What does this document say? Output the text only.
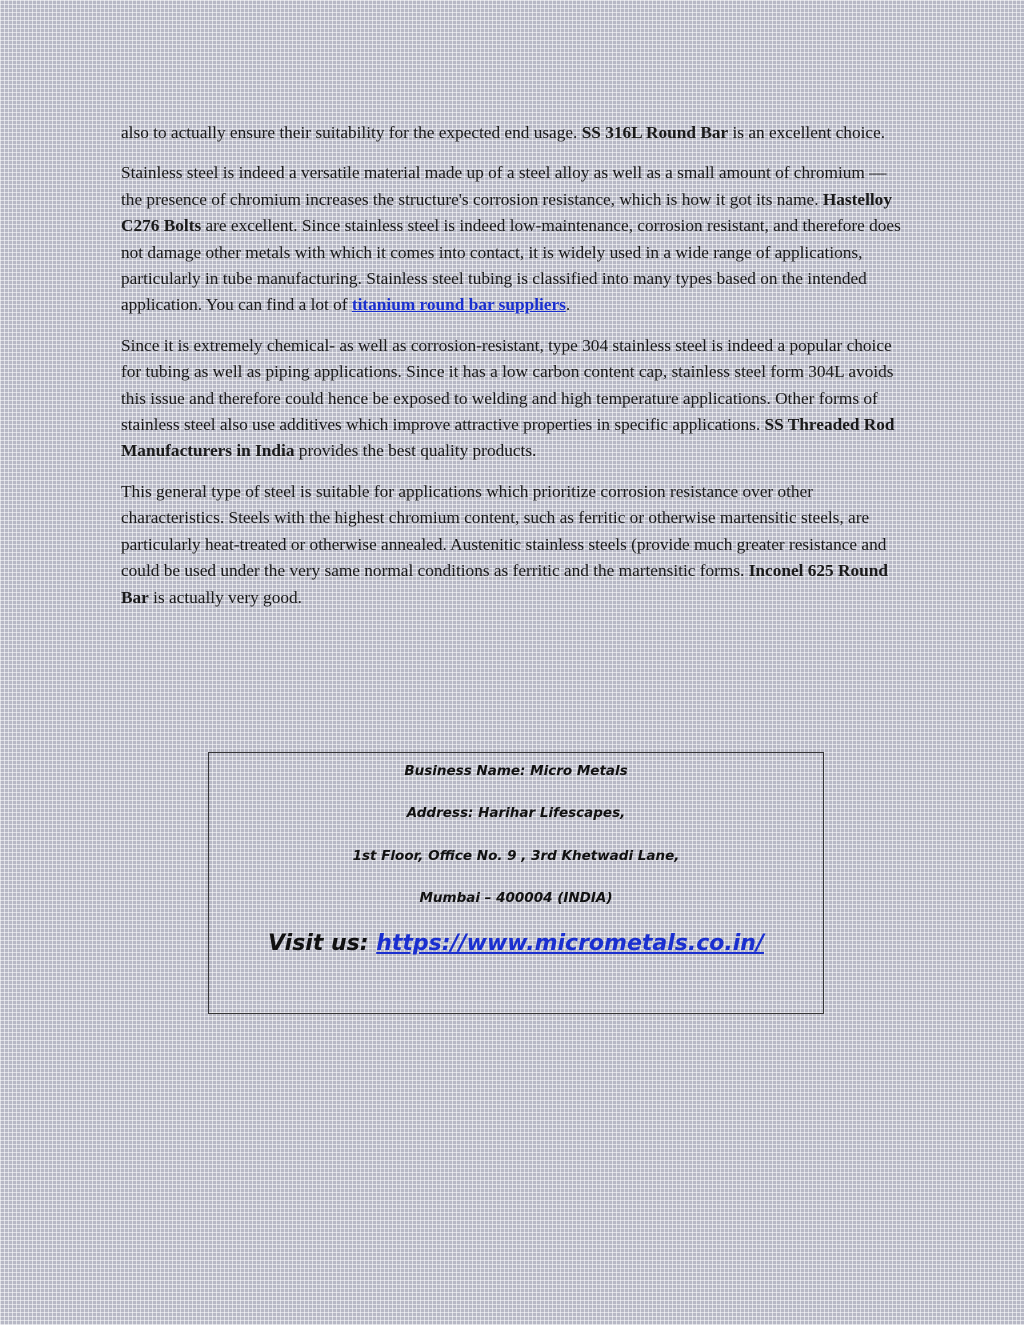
also to actually ensure their suitability for the expected end usage. SS 316L Round Bar is an excellent choice.

Stainless steel is indeed a versatile material made up of a steel alloy as well as a small amount of chromium — the presence of chromium increases the structure's corrosion resistance, which is how it got its name. Hastelloy C276 Bolts are excellent. Since stainless steel is indeed low-maintenance, corrosion resistant, and therefore does not damage other metals with which it comes into contact, it is widely used in a wide range of applications, particularly in tube manufacturing. Stainless steel tubing is classified into many types based on the intended application. You can find a lot of titanium round bar suppliers.

Since it is extremely chemical- as well as corrosion-resistant, type 304 stainless steel is indeed a popular choice for tubing as well as piping applications. Since it has a low carbon content cap, stainless steel form 304L avoids this issue and therefore could hence be exposed to welding and high temperature applications. Other forms of stainless steel also use additives which improve attractive properties in specific applications. SS Threaded Rod Manufacturers in India provides the best quality products.

This general type of steel is suitable for applications which prioritize corrosion resistance over other characteristics. Steels with the highest chromium content, such as ferritic or otherwise martensitic steels, are particularly heat-treated or otherwise annealed. Austenitic stainless steels (provide much greater resistance and could be used under the very same normal conditions as ferritic and the martensitic forms. Inconel 625 Round Bar is actually very good.

Business Name: Micro Metals
Address: Harihar Lifescapes,
1st Floor, Office No. 9 , 3rd Khetwadi Lane,
Mumbai – 400004 (INDIA)
Visit us: https://www.micrometals.co.in/
